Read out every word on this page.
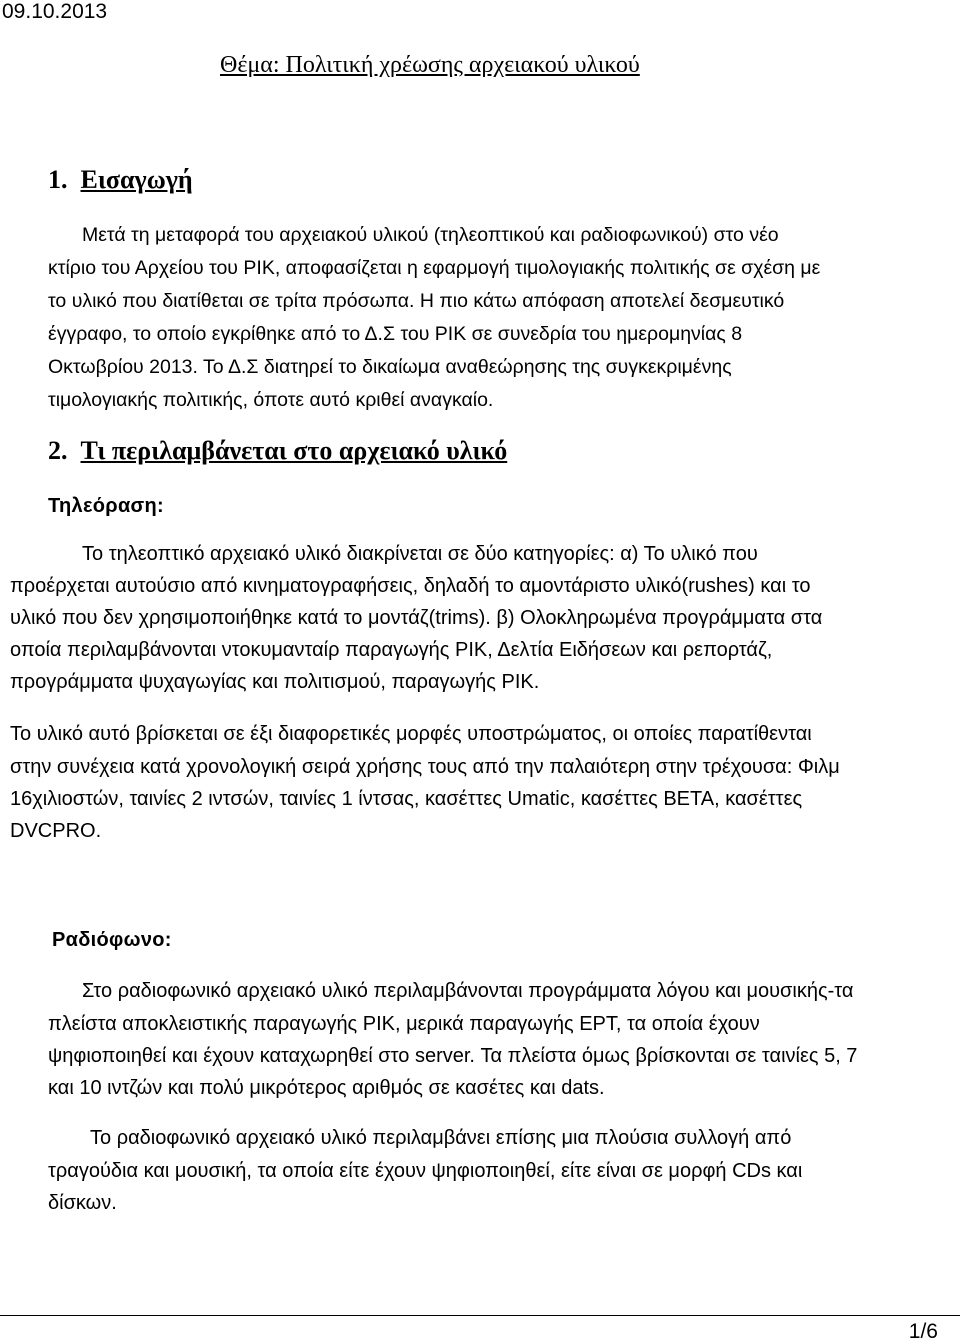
09.10.2013
Θέμα: Πολιτική χρέωσης αρχειακού υλικού
1. Εισαγωγή
Μετά τη μεταφορά του αρχειακού υλικού (τηλεοπτικού και ραδιοφωνικού) στο νέο
κτίριο του Αρχείου του ΡΙΚ, αποφασίζεται η εφαρμογή τιμολογιακής πολιτικής σε σχέση με
το υλικό που διατίθεται σε τρίτα πρόσωπα. Η πιο κάτω απόφαση αποτελεί δεσμευτικό
έγγραφο, το οποίο εγκρίθηκε από το Δ.Σ του ΡΙΚ σε συνεδρία του ημερομηνίας 8
Οκτωβρίου 2013. Το Δ.Σ διατηρεί το δικαίωμα αναθεώρησης της συγκεκριμένης
τιμολογιακής πολιτικής, όποτε αυτό κριθεί αναγκαίο.
2. Τι περιλαμβάνεται στο αρχειακό υλικό
Τηλεόραση:
Το τηλεοπτικό αρχειακό υλικό διακρίνεται σε δύο κατηγορίες: α) Το υλικό που
προέρχεται αυτούσιο από κινηματογραφήσεις, δηλαδή το αμοντάριστο υλικό(rushes) και το
υλικό που δεν χρησιμοποιήθηκε κατά το μοντάζ(trims). β) Ολοκληρωμένα προγράμματα στα
οποία περιλαμβάνονται ντοκυμανταίρ παραγωγής ΡΙΚ, Δελτία Ειδήσεων και ρεπορτάζ,
προγράμματα ψυχαγωγίας και πολιτισμού, παραγωγής ΡΙΚ.
Το υλικό αυτό βρίσκεται σε έξι διαφορετικές μορφές υποστρώματος, οι οποίες παρατίθενται
στην συνέχεια κατά χρονολογική σειρά χρήσης τους από την παλαιότερη στην τρέχουσα: Φιλμ
16χιλιοστών, ταινίες 2 ιντσών, ταινίες 1 ίντσας, κασέττες Umatic, κασέττες BETA, κασέττες
DVCPRO.
Ραδιόφωνο:
Στο ραδιοφωνικό αρχειακό υλικό περιλαμβάνονται προγράμματα λόγου και μουσικής-τα
πλείστα αποκλειστικής παραγωγής ΡΙΚ, μερικά παραγωγής ΕΡΤ, τα οποία έχουν
ψηφιοποιηθεί και έχουν καταχωρηθεί στο server. Τα πλείστα όμως βρίσκονται σε ταινίες 5, 7
και 10 ιντζών και πολύ μικρότερος αριθμός σε κασέτες και dats.
Το ραδιοφωνικό αρχειακό υλικό περιλαμβάνει επίσης μια πλούσια συλλογή από
τραγούδια και μουσική, τα οποία είτε έχουν ψηφιοποιηθεί, είτε είναι σε μορφή CDs και
δίσκων.
1/6
